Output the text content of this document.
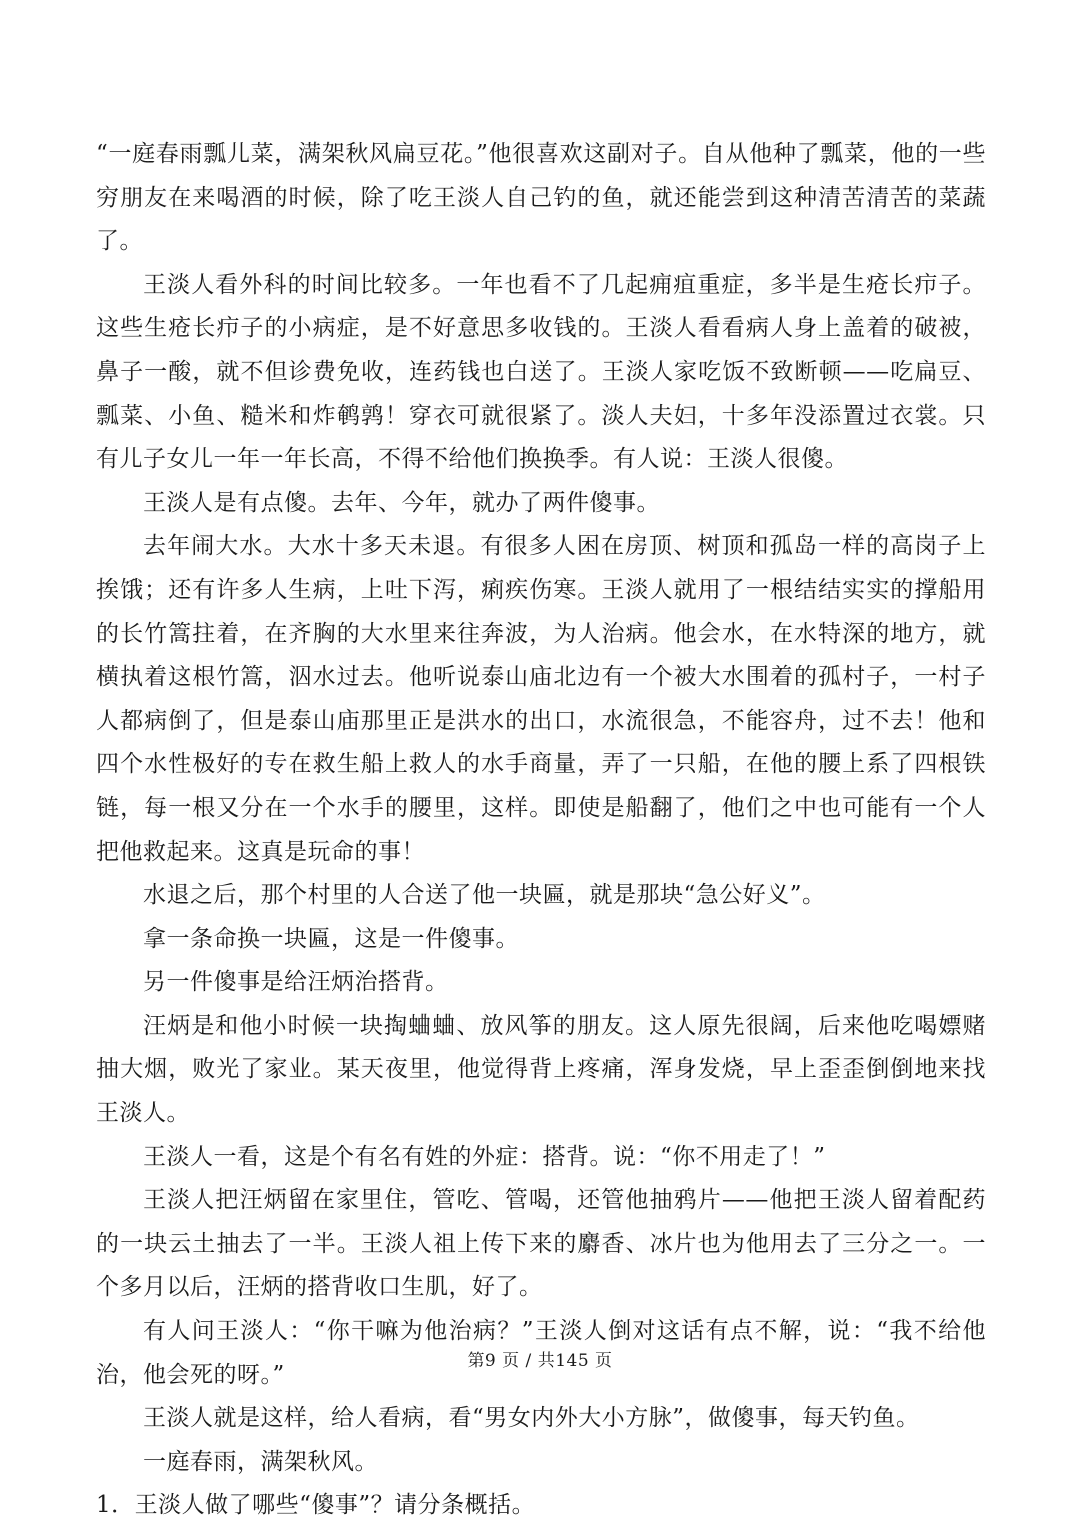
“一庭春雨瓢儿菜，满架秋风扁豆花。”他很喜欢这副对子。自从他种了瓢菜，他的一些穷朋友在来喝酒的时候，除了吃王淡人自己钓的鱼，就还能尝到这种清苦清苦的菜蔬了。

王淡人看外科的时间比较多。一年也看不了几起痈疽重症，多半是生疮长疖子。这些生疮长疖子的小病症，是不好意思多收钱的。王淡人看看病人身上盖着的破被，鼻子一酸，就不但诊费免收，连药钱也白送了。王淡人家吃饭不致断顿——吃扁豆、瓢菜、小鱼、糙米和炸鹌鹑！穿衣可就很紧了。淡人夫妇，十多年没添置过衣裳。只有儿子女儿一年一年长高，不得不给他们换换季。有人说：王淡人很傻。

王淡人是有点傻。去年、今年，就办了两件傻事。

去年闹大水。大水十多天未退。有很多人困在房顶、树顶和孤岛一样的高岗子上挨饿；还有许多人生病，上吐下泻，痢疾伤寒。王淡人就用了一根结结实实的撑船用的长竹篙拄着，在齐胸的大水里来往奔波，为人治病。他会水，在水特深的地方，就横执着这根竹篙，泅水过去。他听说泰山庙北边有一个被大水围着的孤村子，一村子人都病倒了，但是泰山庙那里正是洪水的出口，水流很急，不能容舟，过不去！他和四个水性极好的专在救生船上救人的水手商量，弄了一只船，在他的腰上系了四根铁链，每一根又分在一个水手的腰里，这样。即使是船翻了，他们之中也可能有一个人把他救起来。这真是玩命的事！

水退之后，那个村里的人合送了他一块匾，就是那块“急公好义”。

拿一条命换一块匾，这是一件傻事。

另一件傻事是给汪炳治搭背。

汪炳是和他小时候一块掏蛐蛐、放风筝的朋友。这人原先很阔，后来他吃喝嫖赌抽大烟，败光了家业。某天夜里，他觉得背上疼痛，浑身发烧，早上歪歪倒倒地来找王淡人。

王淡人一看，这是个有名有姓的外症：搭背。说：“你不用走了！”

王淡人把汪炳留在家里住，管吃、管喝，还管他抽鸦片——他把王淡人留着配药的一块云土抽去了一半。王淡人祖上传下来的麝香、冰片也为他用去了三分之一。一个多月以后，汪炳的搭背收口生肌，好了。

有人问王淡人：“你干嘛为他治病？”王淡人倒对这话有点不解，说：“我不给他治，他会死的呀。”

王淡人就是这样，给人看病，看“男女内外大小方脉”，做傻事，每天钓鱼。

一庭春雨，满架秋风。

1．王淡人做了哪些“傻事”？请分条概括。

第9 页 / 共145 页
